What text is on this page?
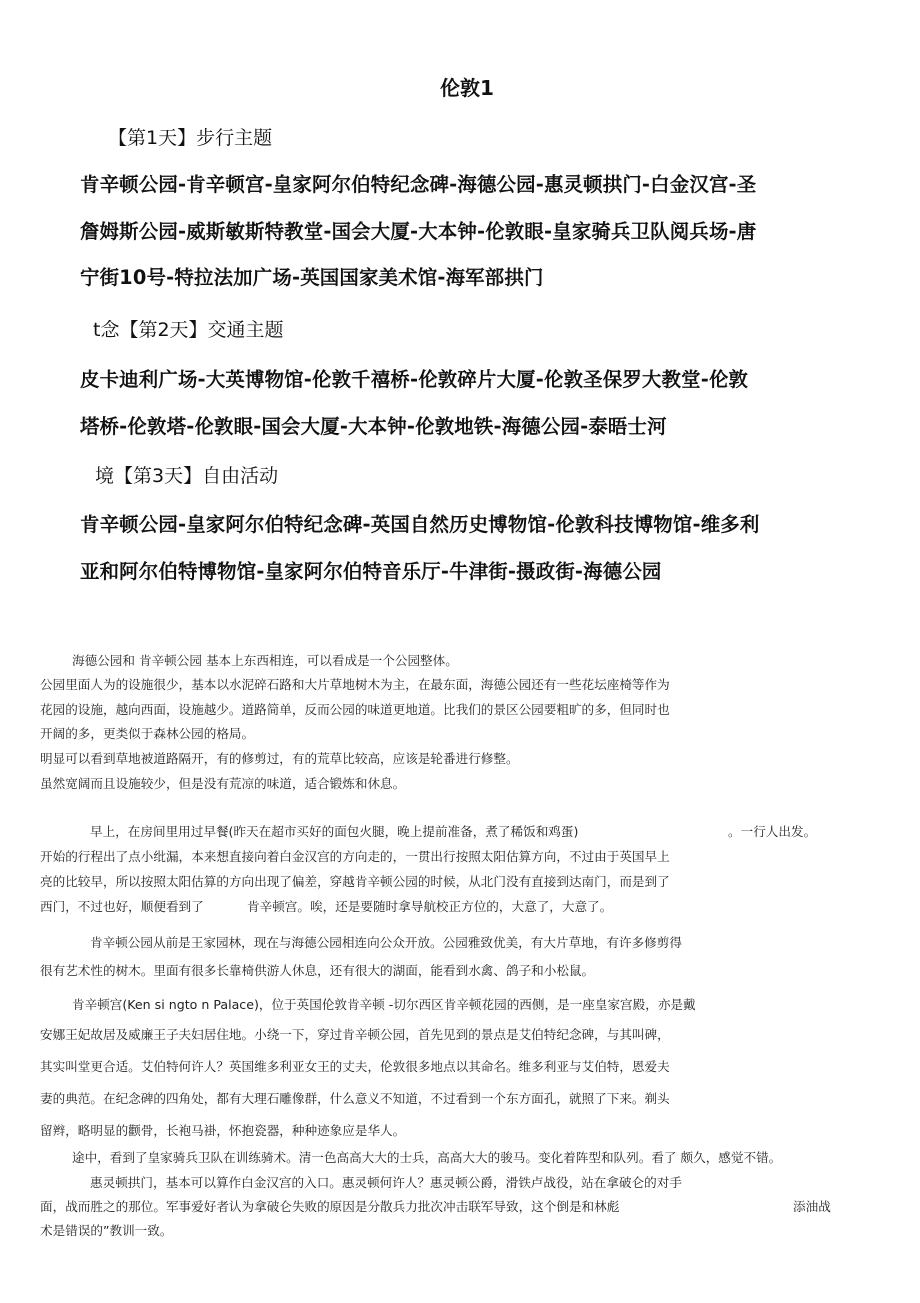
伦敦1
【第1天】步行主题
肯辛顿公园-肯辛顿宫-皇家阿尔伯特纪念碑-海德公园-惠灵顿拱门-白金汉宫-圣
詹姆斯公园-威斯敏斯特教堂-国会大厦-大本钟-伦敦眼-皇家骑兵卫队阅兵场-唐
宁街10号-特拉法加广场-英国国家美术馆-海军部拱门
t念【第2天】交通主题
皮卡迪利广场-大英博物馆-伦敦千禧桥-伦敦碎片大厦-伦敦圣保罗大教堂-伦敦
塔桥-伦敦塔-伦敦眼-国会大厦-大本钟-伦敦地铁-海德公园-泰晤士河
境【第3天】自由活动
肯辛顿公园-皇家阿尔伯特纪念碑-英国自然历史博物馆-伦敦科技博物馆-维多利
亚和阿尔伯特博物馆-皇家阿尔伯特音乐厅-牛津街-摄政街-海德公园
海德公园和 肯辛顿公园 基本上东西相连，可以看成是一个公园整体。
公园里面人为的设施很少，基本以水泥碎石路和大片草地树木为主，在最东面，海德公园还有一些花坛座椅等作为
花园的设施，越向西面，设施越少。道路简单，反而公园的味道更地道。比我们的景区公园要粗旷的多，但同时也
开阔的多，更类似于森林公园的格局。
明显可以看到草地被道路隔开，有的修剪过，有的荒草比较高，应该是轮番进行修整。
虽然宽阔而且设施较少，但是没有荒凉的味道，适合锻炼和休息。
早上，在房间里用过早餐(昨天在超市买好的面包火腿，晚上提前准备，煮了稀饭和鸡蛋)	。一行人出发。
开始的行程出了点小纰漏，本来想直接向着白金汉宫的方向走的，一贯出行按照太阳估算方向，不过由于英国早上
亮的比较早，所以按照太阳估算的方向出现了偏差，穿越肯辛顿公园的时候，从北门没有直接到达南门，而是到了
西门，不过也好，顺便看到了	肯辛顿宫。唉，还是要随时拿导航校正方位的，大意了，大意了。
肯辛顿公园从前是王家园林，现在与海德公园相连向公众开放。公园雅致优美，有大片草地，有许多修剪得
很有艺术性的树木。里面有很多长靠椅供游人休息，还有很大的湖面，能看到水禽、鸽子和小松鼠。
肯辛顿宫(Ken si ngto n Palace)，位于英国伦敦肯辛顿 -切尔西区肯辛顿花园的西侧，是一座皇家宫殿，亦是戴
安娜王妃故居及威廉王子夫妇居住地。小绕一下，穿过肯辛顿公园，首先见到的景点是艾伯特纪念碑，与其叫碑，
其实叫堂更合适。艾伯特何许人？英国维多利亚女王的丈夫，伦敦很多地点以其命名。维多利亚与艾伯特，恩爱夫
妻的典范。在纪念碑的四角处，都有大理石雕像群，什么意义不知道，不过看到一个东方面孔，就照了下来。剃头
留辫，略明显的颧骨，长袍马褂，怀抱瓷器，种种迹象应是华人。
途中，看到了皇家骑兵卫队在训练骑术。清一色高高大大的士兵，高高大大的骏马。变化着阵型和队列。看了 颇久，感觉不错。
惠灵顿拱门，基本可以算作白金汉宫的入口。惠灵顿何许人？惠灵顿公爵，滑铁卢战役，站在拿破仑的对手
面，战而胜之的那位。军事爱好者认为拿破仑失败的原因是分散兵力批次冲击联军导致，这个倒是和林彪	添油战
术是错误的”教训一致。
